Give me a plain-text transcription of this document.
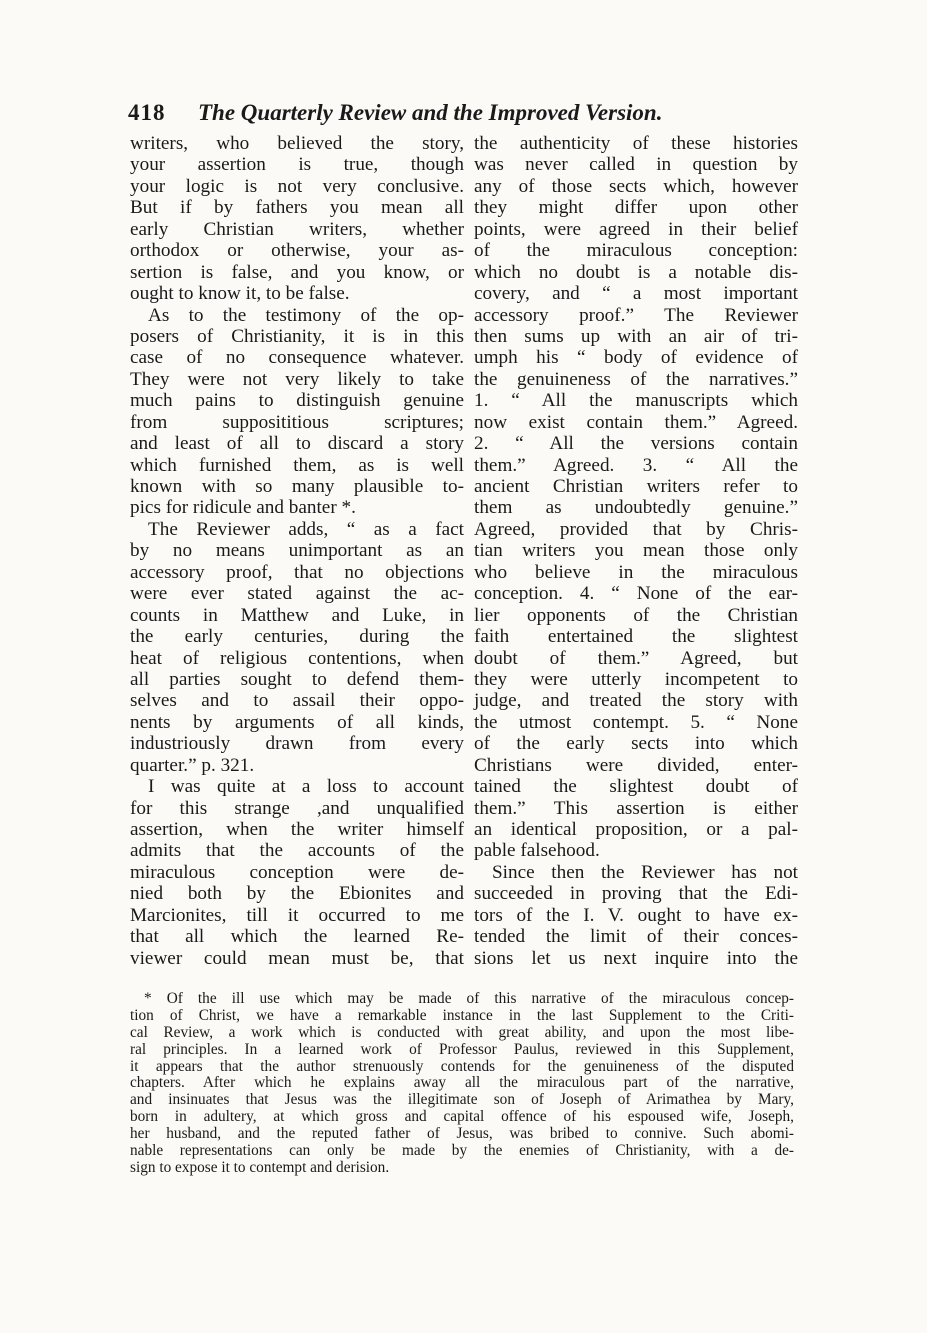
418 The Quarterly Review and the Improved Version.
writers, who believed the story,
your assertion is true, though
your logic is not very conclusive.
But if by fathers you mean all
early Christian writers, whether
orthodox or otherwise, your as-
sertion is false, and you know, or
ought to know it, to be false.
As to the testimony of the op-
posers of Christianity, it is in this
case of no consequence whatever.
They were not very likely to take
much pains to distinguish genuine
from supposititious scriptures;
and least of all to discard a story
which furnished them, as is well
known with so many plausible to-
pics for ridicule and banter *.
The Reviewer adds, “ as a fact
by no means unimportant as an
accessory proof, that no objections
were ever stated against the ac-
counts in Matthew and Luke, in
the early centuries, during the
heat of religious contentions, when
all parties sought to defend them-
selves and to assail their oppo-
nents by arguments of all kinds,
industriously drawn from every
quarter.” p. 321.
I was quite at a loss to account
for this strange ,and unqualified
assertion, when the writer himself
admits that the accounts of the
miraculous conception were de-
nied both by the Ebionites and
Marcionites, till it occurred to me
that all which the learned Re-
viewer could mean must be, that
the authenticity of these histories
was never called in question by
any of those sects which, however
they might differ upon other
points, were agreed in their belief
of the miraculous conception:
which no doubt is a notable dis-
covery, and “ a most important
accessory proof.” The Reviewer
then sums up with an air of tri-
umph his “ body of evidence of
the genuineness of the narratives.”
1. “ All the manuscripts which
now exist contain them.” Agreed.
2. “ All the versions contain
them.” Agreed. 3. “ All the
ancient Christian writers refer to
them as undoubtedly genuine.”
Agreed, provided that by Chris-
tian writers you mean those only
who believe in the miraculous
conception. 4. “ None of the ear-
lier opponents of the Christian
faith entertained the slightest
doubt of them.” Agreed, but
they were utterly incompetent to
judge, and treated the story with
the utmost contempt. 5. “ None
of the early sects into which
Christians were divided, enter-
tained the slightest doubt of
them.” This assertion is either
an identical proposition, or a pal-
pable falsehood.
Since then the Reviewer has not
succeeded in proving that the Edi-
tors of the I. V. ought to have ex-
tended the limit of their conces-
sions let us next inquire into the
* Of the ill use which may be made of this narrative of the miraculous concep-
tion of Christ, we have a remarkable instance in the last Supplement to the Criti-
cal Review, a work which is conducted with great ability, and upon the most libe-
ral principles. In a learned work of Professor Paulus, reviewed in this Supplement,
it appears that the author strenuously contends for the genuineness of the disputed
chapters. After which he explains away all the miraculous part of the narrative,
and insinuates that Jesus was the illegitimate son of Joseph of Arimathea by Mary,
born in adultery, at which gross and capital offence of his espoused wife, Joseph,
her husband, and the reputed father of Jesus, was bribed to connive. Such abomi-
nable representations can only be made by the enemies of Christianity, with a de-
sign to expose it to contempt and derision.
